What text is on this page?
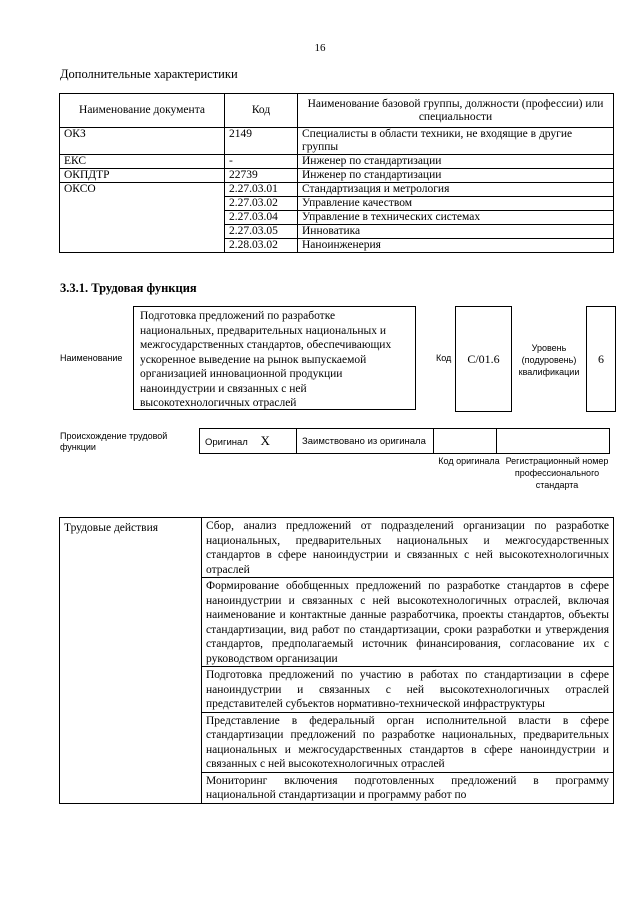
16
Дополнительные характеристики
Наименование документа	Код	Наименование базовой группы, должности (профессии) или специальности
ОКЗ	2149	Специалисты в области техники, не входящие в другие группы
ЕКС	-	Инженер по стандартизации
ОКПДТР	22739	Инженер по стандартизации
ОКСО	2.27.03.01	Стандартизация и метрология
	2.27.03.02	Управление качеством
	2.27.03.04	Управление в технических системах
	2.27.03.05	Инноватика
	2.28.03.02	Наноинженерия
3.3.1. Трудовая функция
Наименование
Подготовка предложений по разработке национальных, предварительных национальных и межгосударственных стандартов, обеспечивающих ускоренное выведение на рынок выпускаемой организацией инновационной продукции наноиндустрии и связанных с ней высокотехнологичных отраслей
Код	С/01.6
Уровень (подуровень) квалификации
6
Происхождение трудовой функции	Оригинал X	Заимствовано из оригинала		
Код оригинала Регистрационный номер профессионального стандарта
Трудовые действия	Сбор, анализ предложений от подразделений организации по разработке национальных, предварительных национальных и межгосударственных стандартов в сфере наноиндустрии и связанных с ней высокотехнологичных отраслей
Формирование обобщенных предложений по разработке стандартов в сфере наноиндустрии и связанных с ней высокотехнологичных отраслей, включая наименование и контактные данные разработчика, проекты стандартов, объекты стандартизации, вид работ по стандартизации, сроки разработки и утверждения стандартов, предполагаемый источник финансирования, согласование их с руководством организации
Подготовка предложений по участию в работах по стандартизации в сфере наноиндустрии и связанных с ней высокотехнологичных отраслей представителей субъектов нормативно-технической инфраструктуры
Представление в федеральный орган исполнительной власти в сфере стандартизации предложений по разработке национальных, предварительных национальных и межгосударственных стандартов в сфере наноиндустрии и связанных с ней высокотехнологичных отраслей
Мониторинг включения подготовленных предложений в программу национальной стандартизации и программу работ по
